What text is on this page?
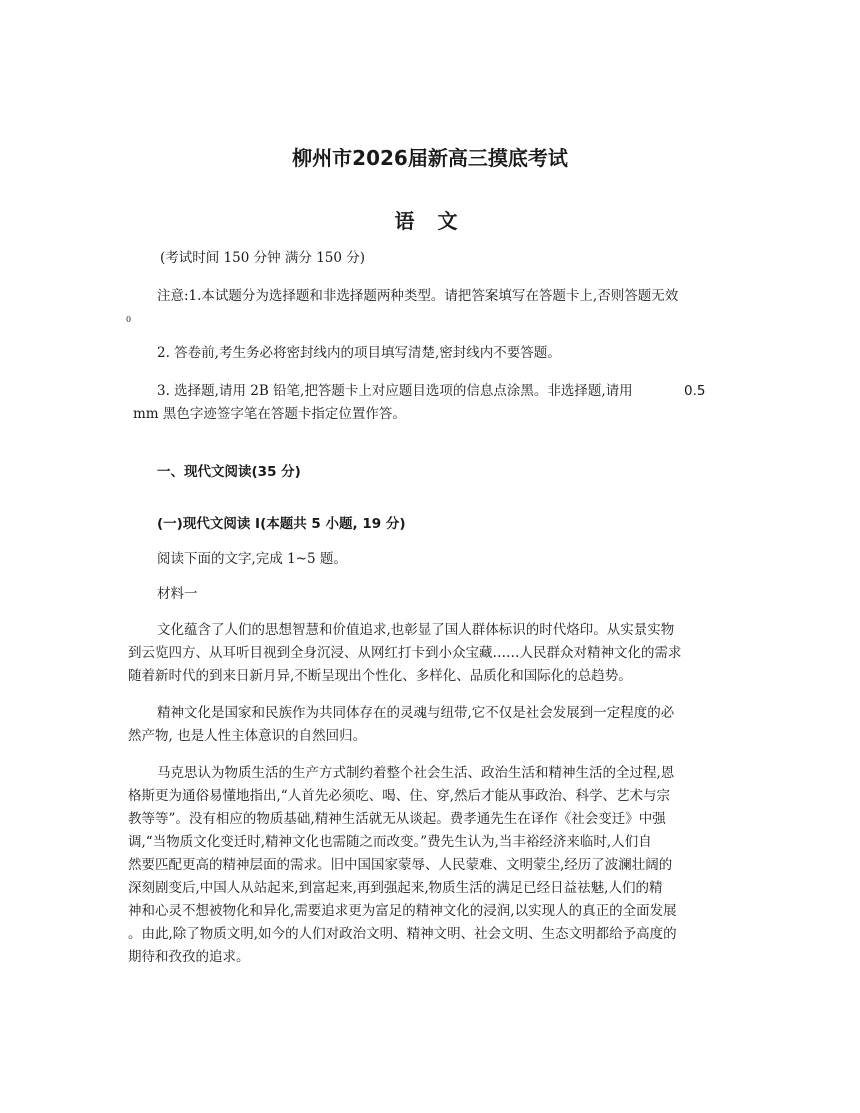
柳州市2026届新高三摸底考试
语 文
(考试时间 150 分钟 满分 150 分)
注意:1.本试题分为选择题和非选择题两种类型。请把答案填写在答题卡上,否则答题无效
0
2. 答卷前,考生务必将密封线内的项目填写清楚,密封线内不要答题。
3. 选择题,请用 2B 铅笔,把答题卡上对应题目选项的信息点涂黑。非选择题,请用	0.5
mm 黑色字迹签字笔在答题卡指定位置作答。
一、现代文阅读(35 分)
(一)现代文阅读 I(本题共 5 小题, 19 分)
阅读下面的文字,完成 1~5 题。
材料一
文化蕴含了人们的思想智慧和价值追求,也彰显了国人群体标识的时代烙印。从实景实物
到云览四方、从耳听目视到全身沉浸、从网红打卡到小众宝藏……人民群众对精神文化的需求
随着新时代的到来日新月异,不断呈现出个性化、多样化、品质化和国际化的总趋势。
精神文化是国家和民族作为共同体存在的灵魂与纽带,它不仅是社会发展到一定程度的必
然产物, 也是人性主体意识的自然回归。
马克思认为物质生活的生产方式制约着整个社会生活、政治生活和精神生活的全过程,恩
格斯更为通俗易懂地指出,“人首先必须吃、喝、住、穿,然后才能从事政治、科学、艺术与宗
教等等”。没有相应的物质基础,精神生活就无从谈起。费孝通先生在译作《社会变迁》中强
调,“当物质文化变迁时,精神文化也需随之而改变。”费先生认为,当丰裕经济来临时,人们自
然要匹配更高的精神层面的需求。旧中国国家蒙辱、人民蒙难、文明蒙尘,经历了波澜壮阔的
深刻剧变后,中国人从站起来,到富起来,再到强起来,物质生活的满足已经日益祛魅,人们的精
神和心灵不想被物化和异化,需要追求更为富足的精神文化的浸润,以实现人的真正的全面发展
。由此,除了物质文明,如今的人们对政治文明、精神文明、社会文明、生态文明都给予高度的
期待和孜孜的追求。
